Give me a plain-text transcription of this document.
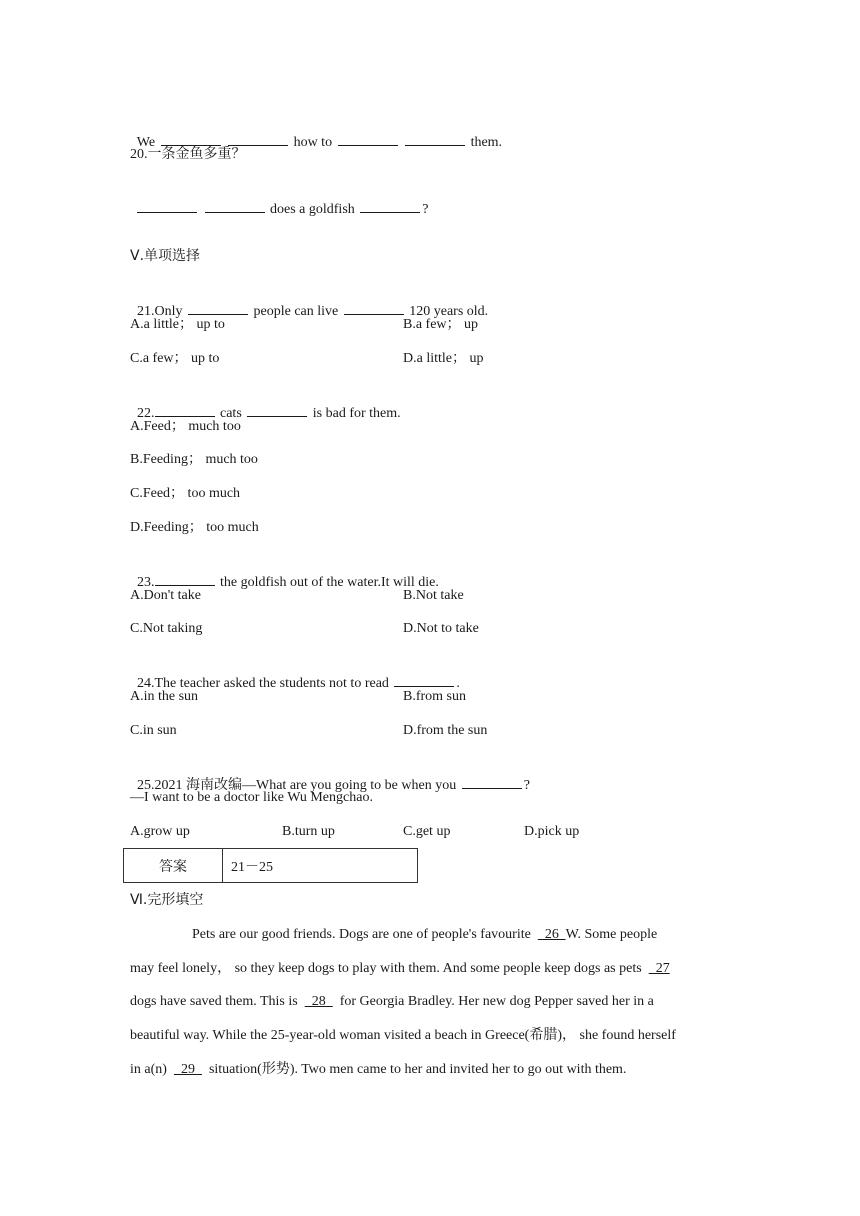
We	how to	them.

20.一条金鱼多重？

does a goldfish	?

Ⅴ.单项选择

21.Only	people can live	120 years old.

A.a little； up to	B.a few； up
C.a few； up to	D.a little； up

22.	cats	is bad for them.

A.Feed； much too
B.Feeding； much too
C.Feed； too much
D.Feeding； too much

23.	the goldfish out of the water.It will die.

A.Don't take	B.Not take
C.Not taking	D.Not to take

24.The teacher asked the students not to read	.

A.in the sun	B.from sun
C.in sun	D.from the sun

25.2021 海南改编—What are you going to be when you	?

—I want to be a doctor like Wu Mengchao.
A.grow up	B.turn up	C.get up	D.pick up
答案	21－25
Ⅵ.完形填空
Pets are our good friends. Dogs are one of people's favourite    26  W. Some people
may feel lonely， so they keep dogs to play with them. And some people keep dogs as pets    27
dogs have saved them. This is    28    for Georgia Bradley. Her new dog Pepper saved her in a
beautiful way. While the 25-year-old woman visited a beach in Greece(希腊)， she found herself
in a(n)    29    situation(形势). Two men came to her and invited her to go out with them.
